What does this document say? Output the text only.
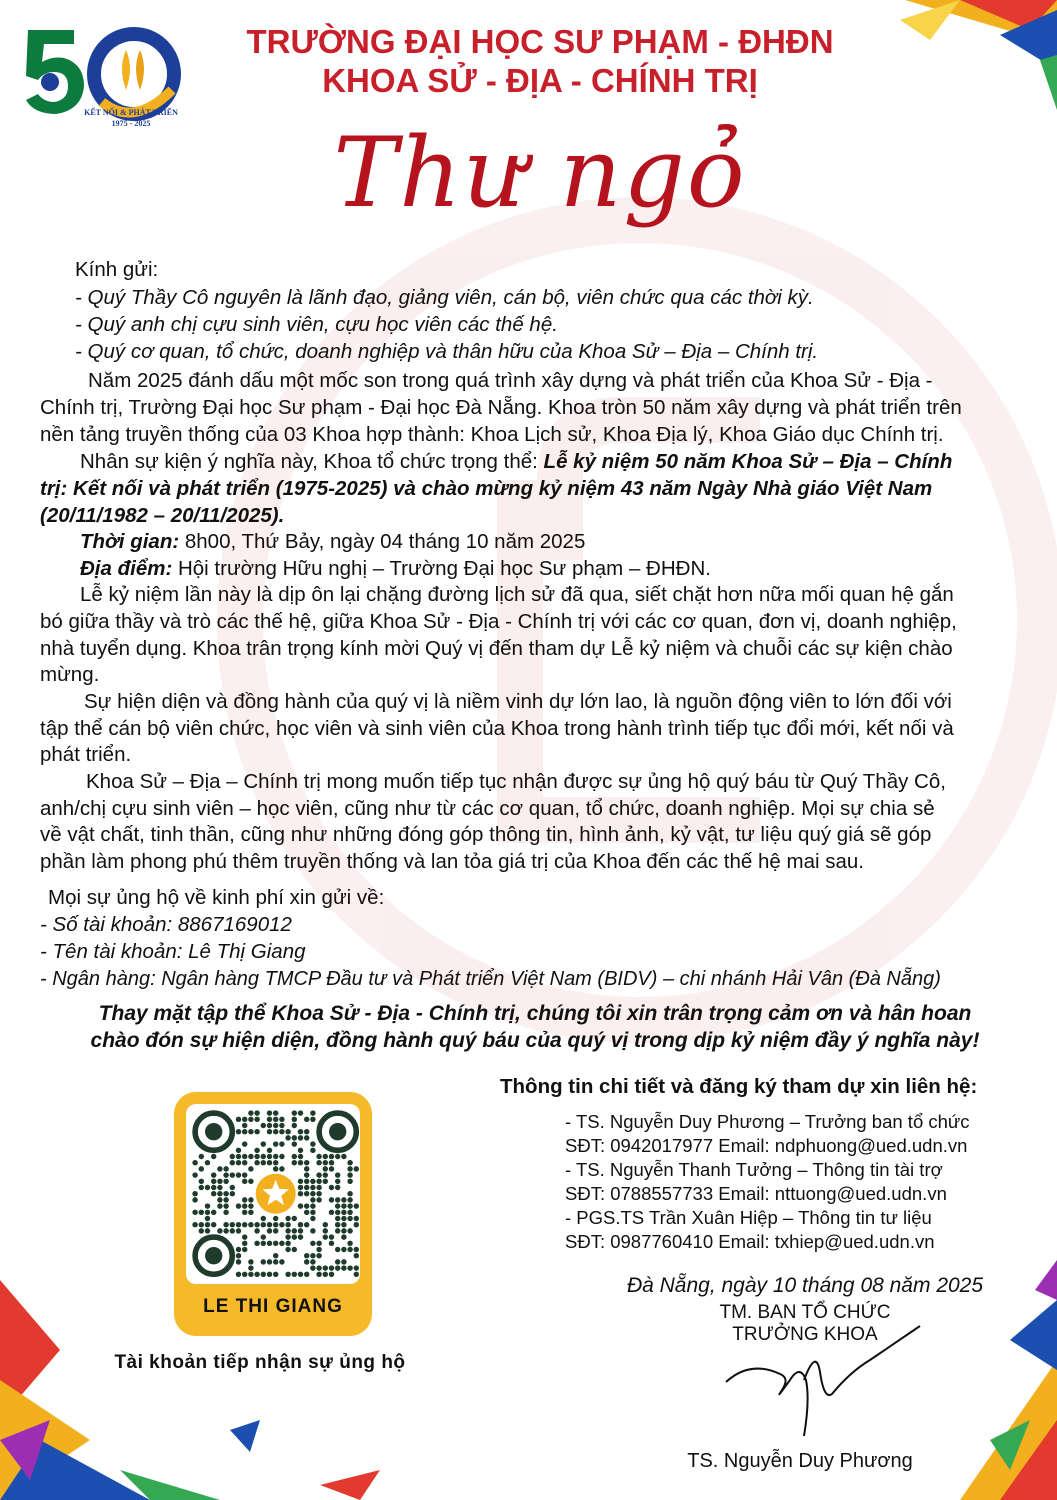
KẾT NỐI & PHÁT TRIỂN
1975 - 2025
TRƯỜNG ĐẠI HỌC SƯ PHẠM - ĐHĐN
KHOA SỬ - ĐỊA - CHÍNH TRỊ
Thư ngỏ
Kính gửi:
- Quý Thầy Cô nguyên là lãnh đạo, giảng viên, cán bộ, viên chức qua các thời kỳ.
- Quý anh chị cựu sinh viên, cựu học viên các thế hệ.
- Quý cơ quan, tổ chức, doanh nghiệp và thân hữu của Khoa Sử – Địa – Chính trị.
Năm 2025 đánh dấu một mốc son trong quá trình xây dựng và phát triển của Khoa Sử - Địa -
Chính trị, Trường Đại học Sư phạm - Đại học Đà Nẵng. Khoa tròn 50 năm xây dựng và phát triển trên
nền tảng truyền thống của 03 Khoa hợp thành: Khoa Lịch sử, Khoa Địa lý, Khoa Giáo dục Chính trị.
Nhân sự kiện ý nghĩa này, Khoa tổ chức trọng thể: Lễ kỷ niệm 50 năm Khoa Sử – Địa – Chính
trị: Kết nối và phát triển (1975-2025) và chào mừng kỷ niệm 43 năm Ngày Nhà giáo Việt Nam
(20/11/1982 – 20/11/2025).
Thời gian: 8h00, Thứ Bảy, ngày 04 tháng 10 năm 2025
Địa điểm: Hội trường Hữu nghị – Trường Đại học Sư phạm – ĐHĐN.
Lễ kỷ niệm lần này là dịp ôn lại chặng đường lịch sử đã qua, siết chặt hơn nữa mối quan hệ gắn
bó giữa thầy và trò các thế hệ, giữa Khoa Sử - Địa - Chính trị với các cơ quan, đơn vị, doanh nghiệp,
nhà tuyển dụng. Khoa trân trọng kính mời Quý vị đến tham dự Lễ kỷ niệm và chuỗi các sự kiện chào
mừng.
Sự hiện diện và đồng hành của quý vị là niềm vinh dự lớn lao, là nguồn động viên to lớn đối với
tập thể cán bộ viên chức, học viên và sinh viên của Khoa trong hành trình tiếp tục đổi mới, kết nối và
phát triển.
Khoa Sử – Địa – Chính trị mong muốn tiếp tục nhận được sự ủng hộ quý báu từ Quý Thầy Cô,
anh/chị cựu sinh viên – học viên, cũng như từ các cơ quan, tổ chức, doanh nghiệp. Mọi sự chia sẻ
về vật chất, tinh thần, cũng như những đóng góp thông tin, hình ảnh, kỷ vật, tư liệu quý giá sẽ góp
phần làm phong phú thêm truyền thống và lan tỏa giá trị của Khoa đến các thế hệ mai sau.
Mọi sự ủng hộ về kinh phí xin gửi về:
- Số tài khoản: 8867169012
- Tên tài khoản: Lê Thị Giang
- Ngân hàng: Ngân hàng TMCP Đầu tư và Phát triển Việt Nam (BIDV) – chi nhánh Hải Vân (Đà Nẵng)
Thay mặt tập thể Khoa Sử - Địa - Chính trị, chúng tôi xin trân trọng cảm ơn và hân hoan
chào đón sự hiện diện, đồng hành quý báu của quý vị trong dịp kỷ niệm đầy ý nghĩa này!
Thông tin chi tiết và đăng ký tham dự xin liên hệ:
- TS. Nguyễn Duy Phương – Trưởng ban tổ chức
SĐT: 0942017977 Email: ndphuong@ued.udn.vn
- TS. Nguyễn Thanh Tưởng – Thông tin tài trợ
SĐT: 0788557733 Email: nttuong@ued.udn.vn
- PGS.TS Trần Xuân Hiệp – Thông tin tư liệu
SĐT: 0987760410 Email: txhiep@ued.udn.vn
Đà Nẵng, ngày 10 tháng 08 năm 2025
TM. BAN TỔ CHỨC
TRƯỞNG KHOA
TS. Nguyễn Duy Phương
LE THI GIANG
Tài khoản tiếp nhận sự ủng hộ
